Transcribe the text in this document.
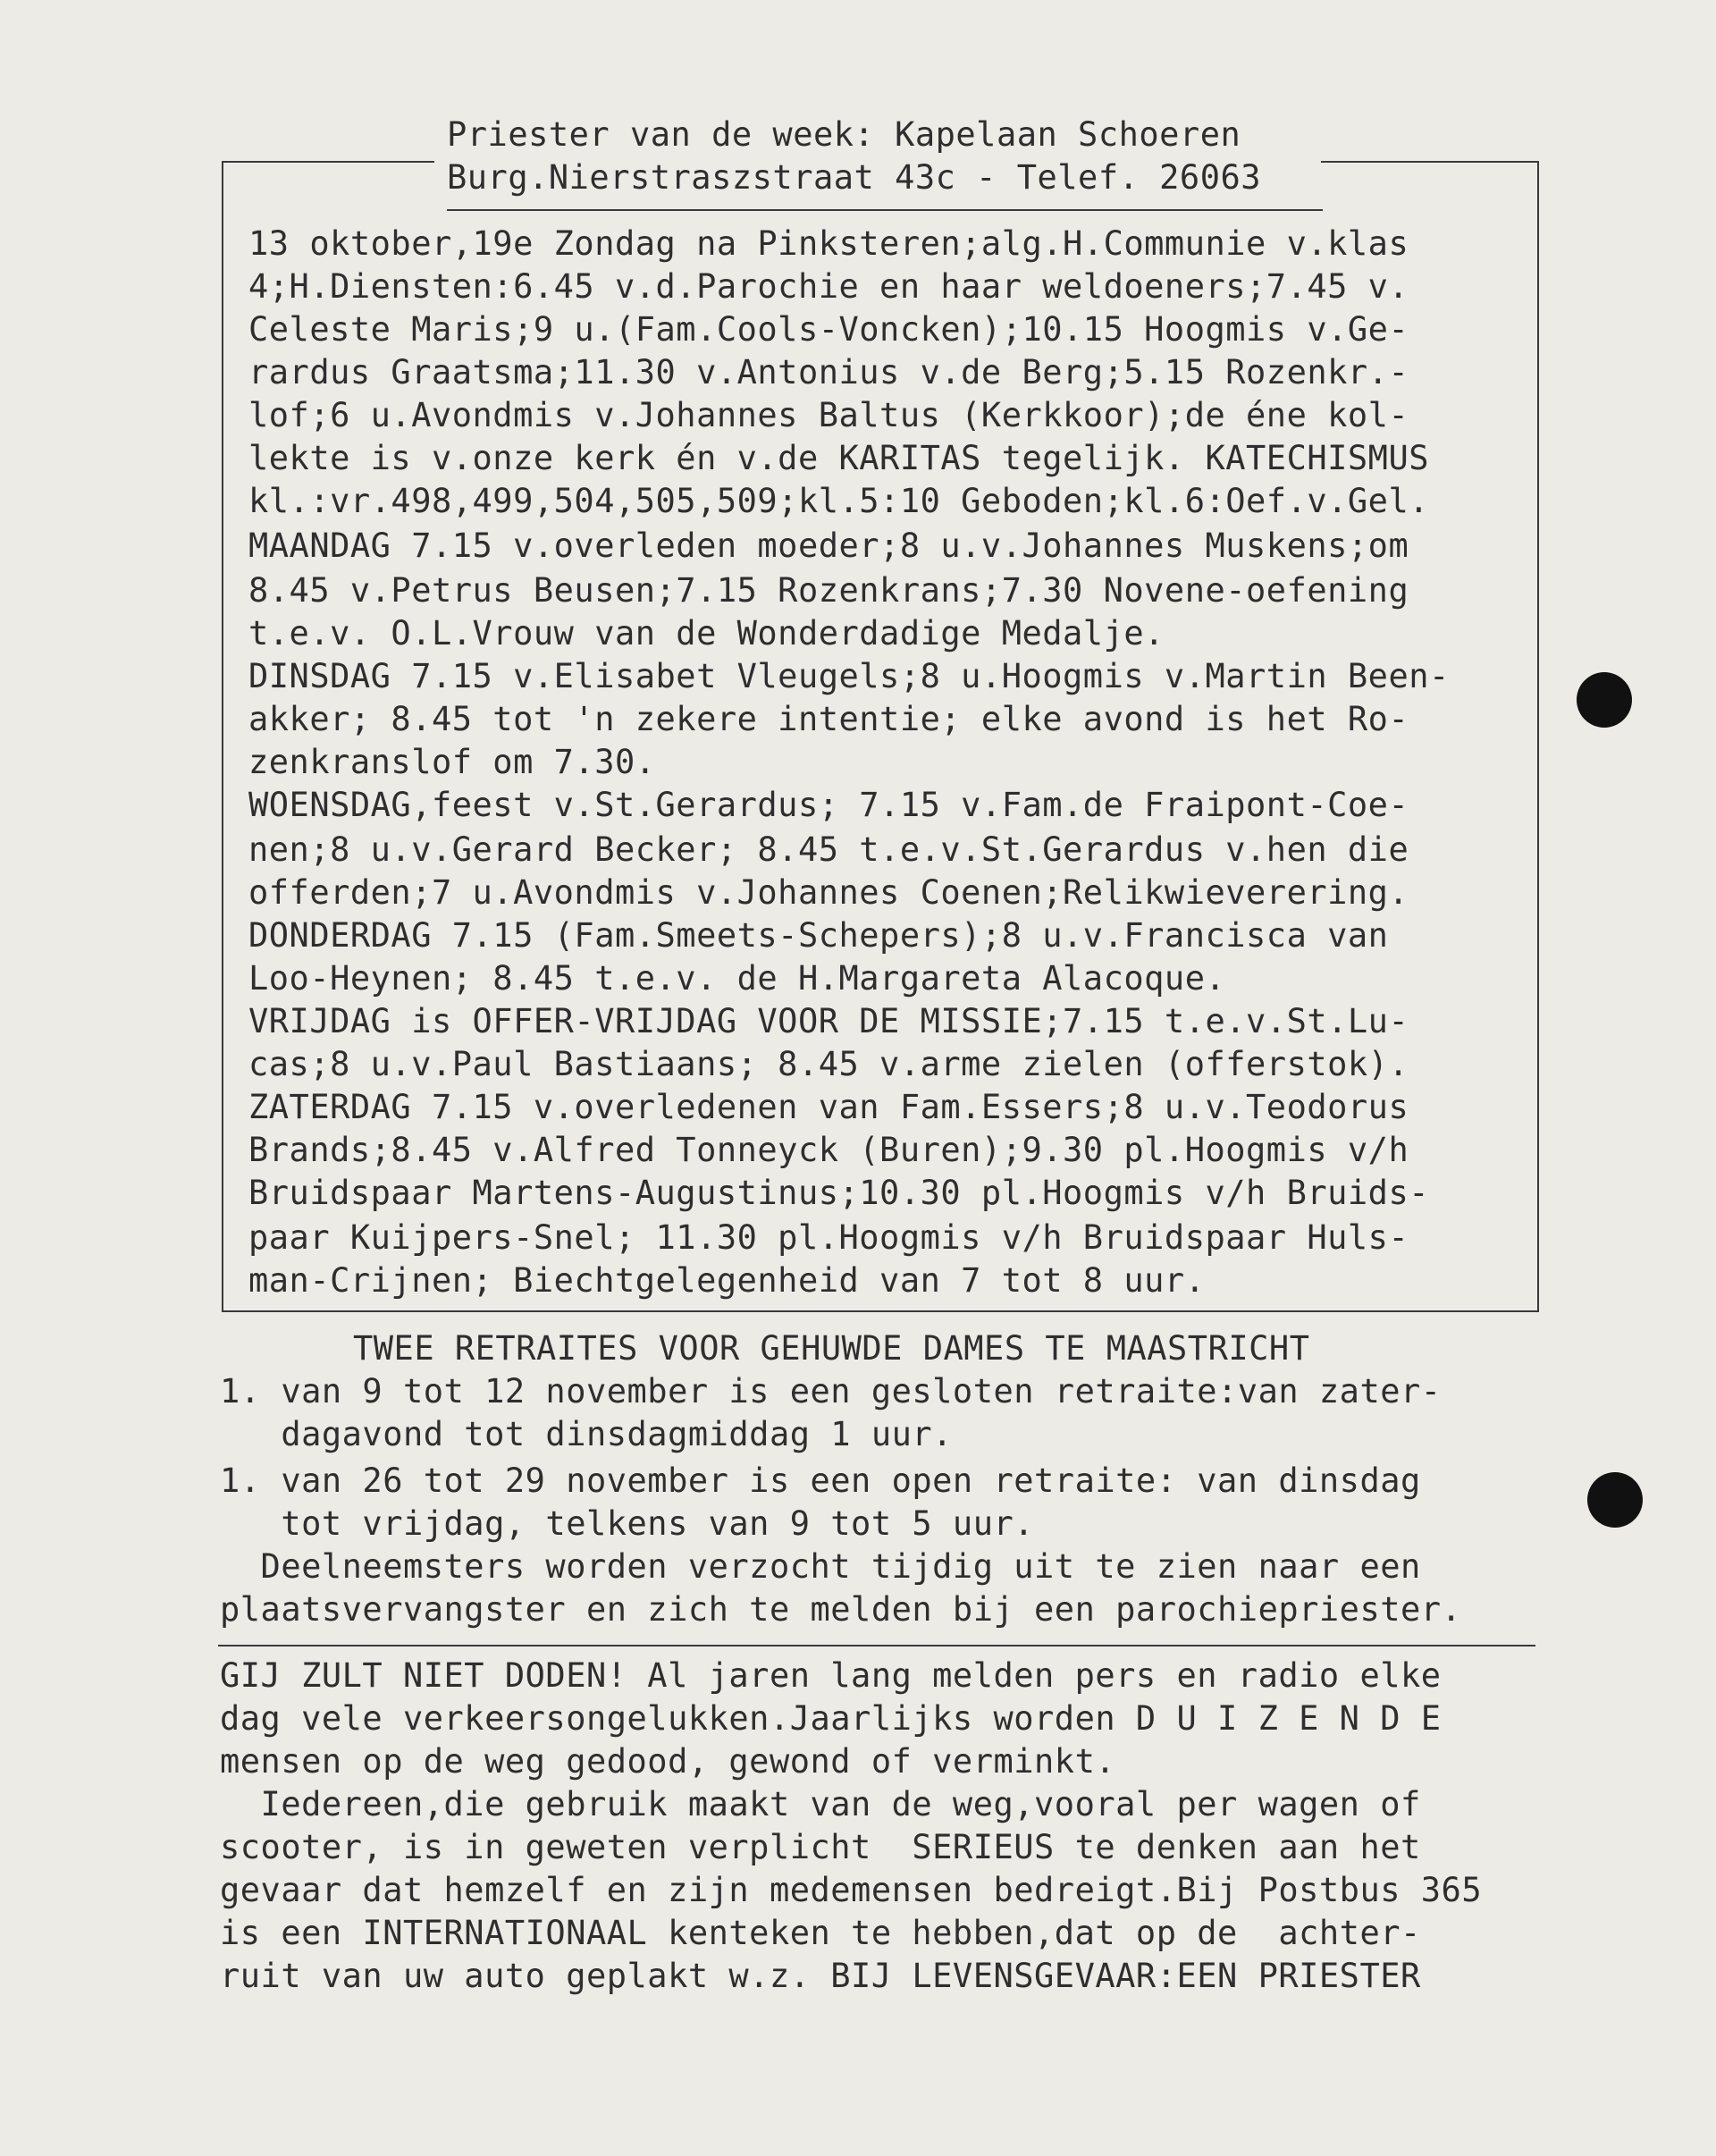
Priester van de week: Kapelaan Schoeren
Burg.Nierstraszstraat 43c - Telef. 26063
13 oktober,19e Zondag na Pinksteren;alg.H.Communie v.klas
4;H.Diensten:6.45 v.d.Parochie en haar weldoeners;7.45 v.
Celeste Maris;9 u.(Fam.Cools-Voncken);10.15 Hoogmis v.Ge-
rardus Graatsma;11.30 v.Antonius v.de Berg;5.15 Rozenkr.-
lof;6 u.Avondmis v.Johannes Baltus (Kerkkoor);de éne kol-
lekte is v.onze kerk én v.de KARITAS tegelijk. KATECHISMUS
kl.:vr.498,499,504,505,509;kl.5:10 Geboden;kl.6:Oef.v.Gel.
MAANDAG 7.15 v.overleden moeder;8 u.v.Johannes Muskens;om
8.45 v.Petrus Beusen;7.15 Rozenkrans;7.30 Novene-oefening
t.e.v. O.L.Vrouw van de Wonderdadige Medalje.
DINSDAG 7.15 v.Elisabet Vleugels;8 u.Hoogmis v.Martin Been-
akker; 8.45 tot 'n zekere intentie; elke avond is het Ro-
zenkranslof om 7.30.
WOENSDAG,feest v.St.Gerardus; 7.15 v.Fam.de Fraipont-Coe-
nen;8 u.v.Gerard Becker; 8.45 t.e.v.St.Gerardus v.hen die
offerden;7 u.Avondmis v.Johannes Coenen;Relikwieverering.
DONDERDAG 7.15 (Fam.Smeets-Schepers);8 u.v.Francisca van
Loo-Heynen; 8.45 t.e.v. de H.Margareta Alacoque.
VRIJDAG is OFFER-VRIJDAG VOOR DE MISSIE;7.15 t.e.v.St.Lu-
cas;8 u.v.Paul Bastiaans; 8.45 v.arme zielen (offerstok).
ZATERDAG 7.15 v.overledenen van Fam.Essers;8 u.v.Teodorus
Brands;8.45 v.Alfred Tonneyck (Buren);9.30 pl.Hoogmis v/h
Bruidspaar Martens-Augustinus;10.30 pl.Hoogmis v/h Bruids-
paar Kuijpers-Snel; 11.30 pl.Hoogmis v/h Bruidspaar Huls-
man-Crijnen; Biechtgelegenheid van 7 tot 8 uur.
TWEE RETRAITES VOOR GEHUWDE DAMES TE MAASTRICHT
1. van 9 tot 12 november is een gesloten retraite:van zater-
dagavond tot dinsdagmiddag 1 uur.
1. van 26 tot 29 november is een open retraite: van dinsdag
tot vrijdag, telkens van 9 tot 5 uur.
Deelneemsters worden verzocht tijdig uit te zien naar een
plaatsvervangster en zich te melden bij een parochiepriester.
GIJ ZULT NIET DODEN! Al jaren lang melden pers en radio elke
dag vele verkeersongelukken.Jaarlijks worden D U I Z E N D E
mensen op de weg gedood, gewond of verminkt.
Iedereen,die gebruik maakt van de weg,vooral per wagen of
scooter, is in geweten verplicht  SERIEUS te denken aan het
gevaar dat hemzelf en zijn medemensen bedreigt.Bij Postbus 365
is een INTERNATIONAAL kenteken te hebben,dat op de  achter-
ruit van uw auto geplakt w.z. BIJ LEVENSGEVAAR:EEN PRIESTER
